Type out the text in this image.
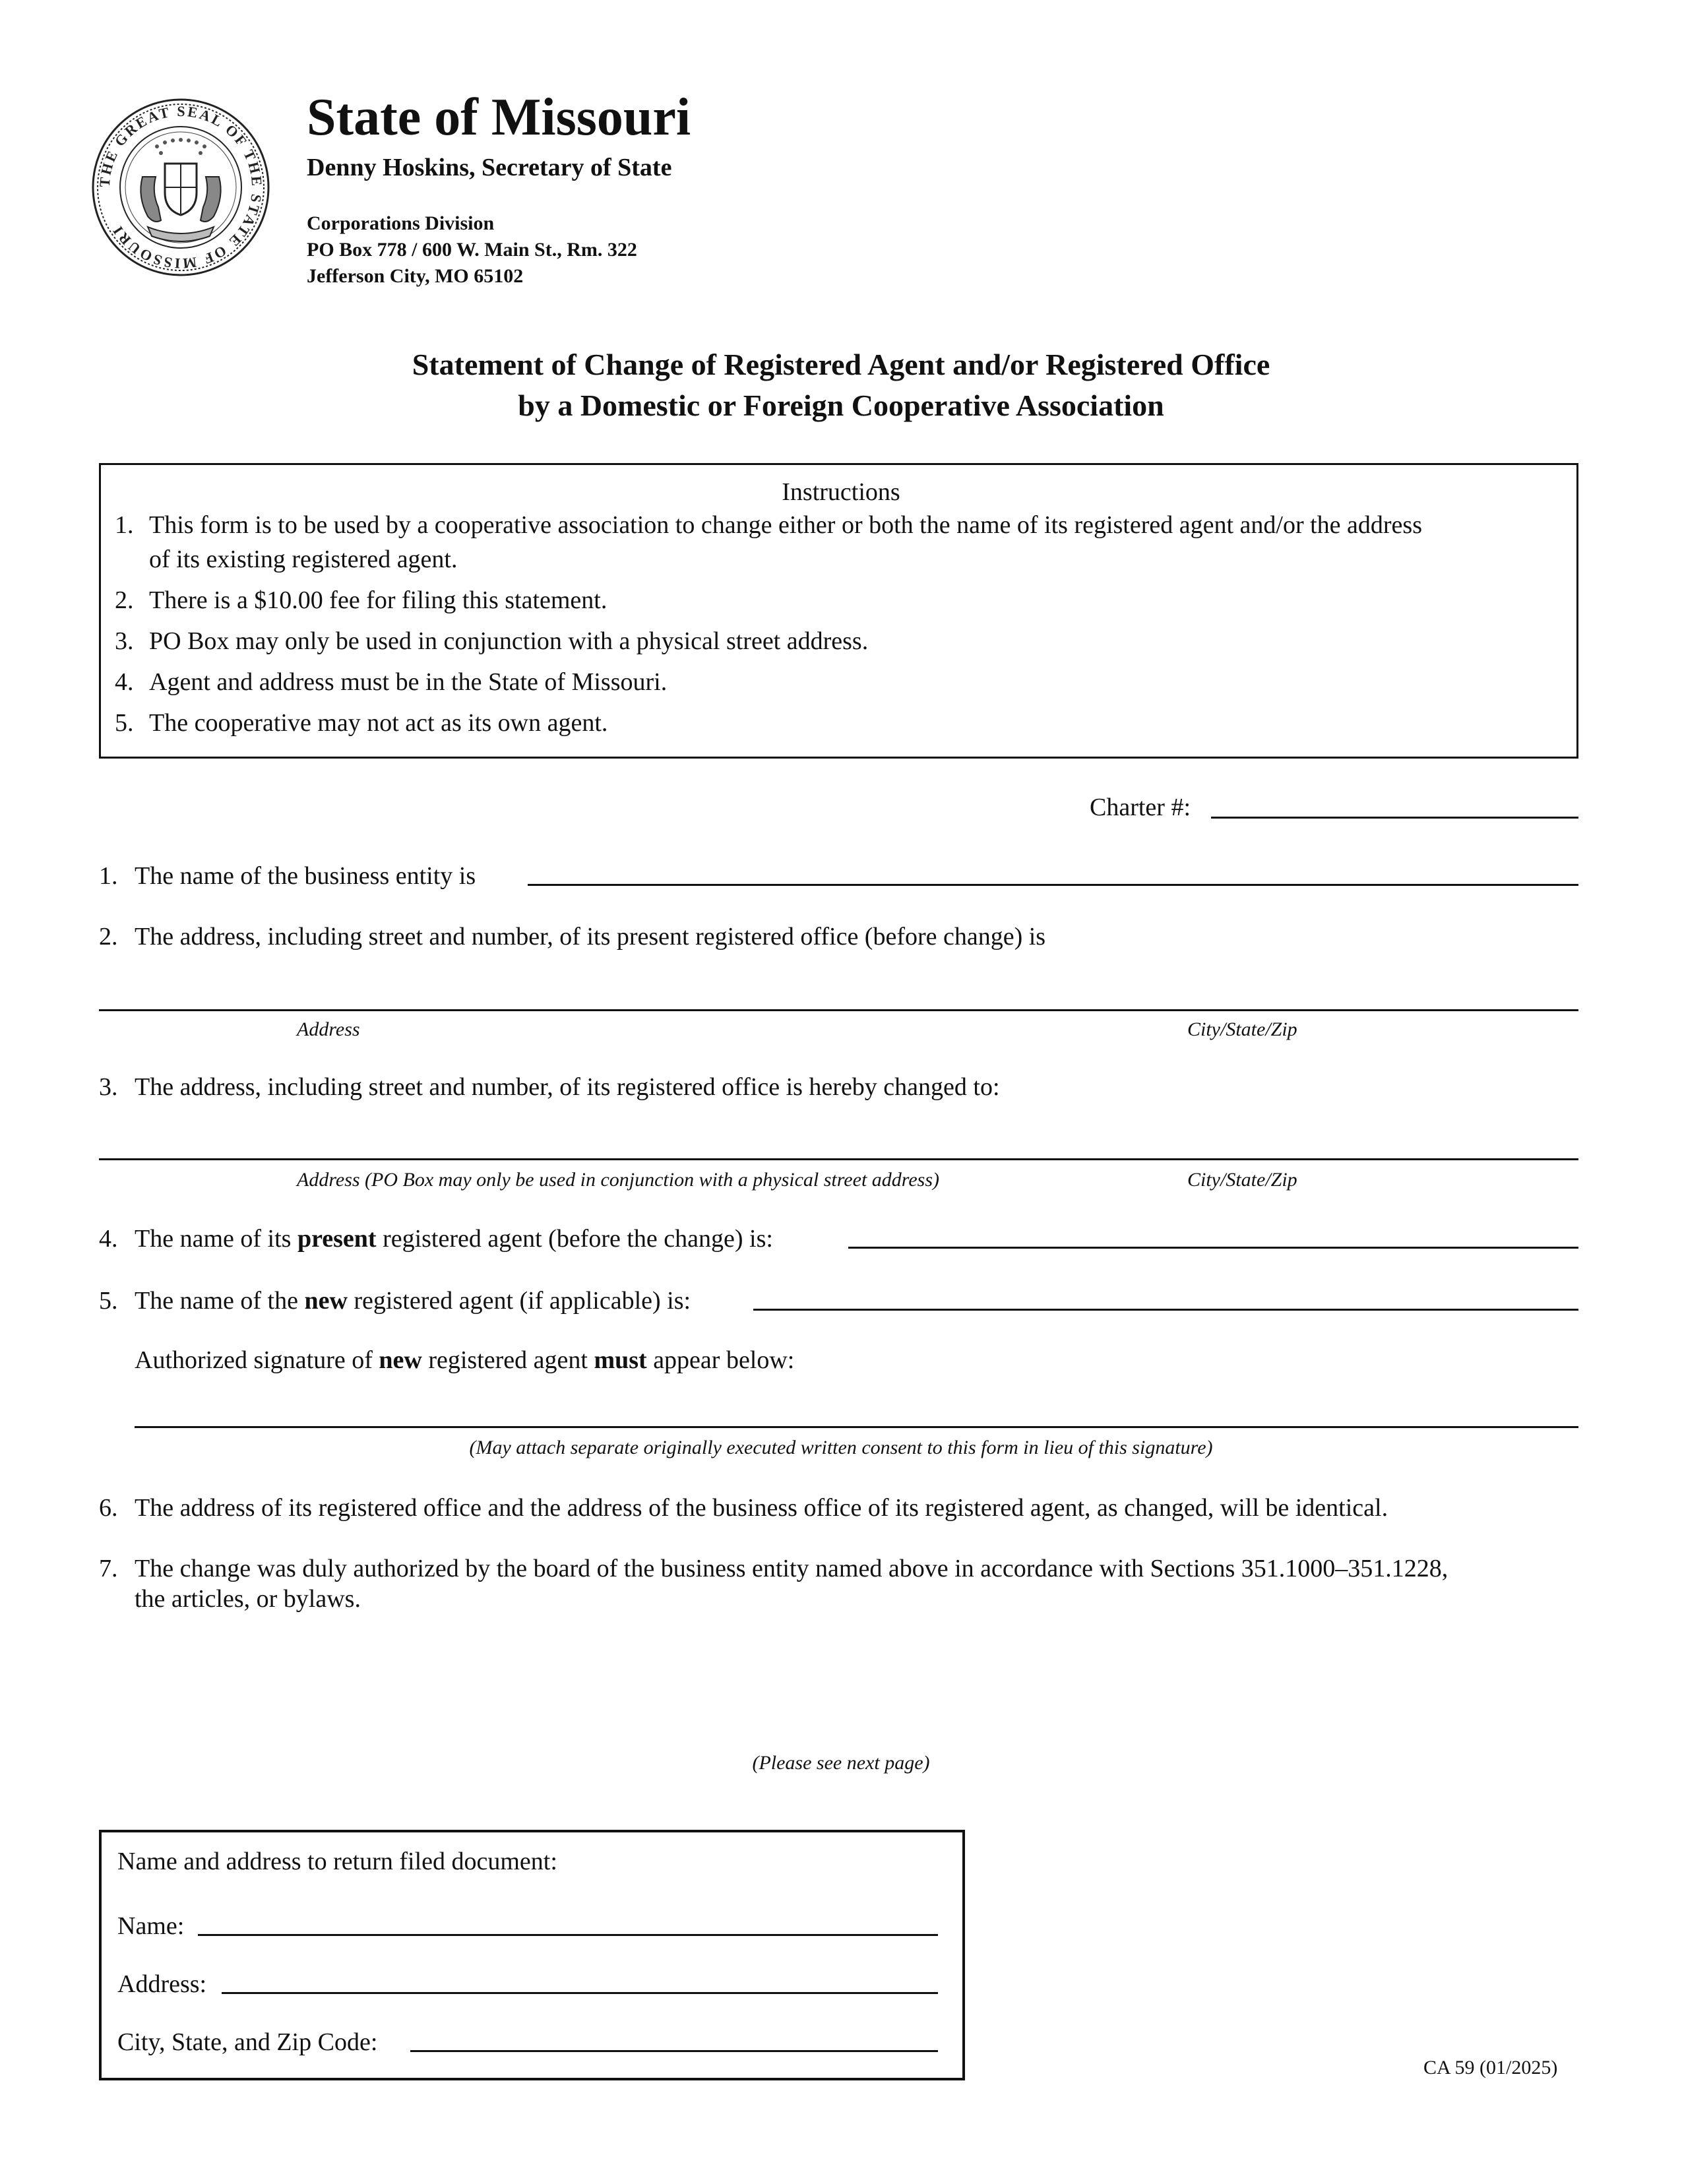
THE GREAT SEAL OF THE STATE OF MISSOURI
State of Missouri
Denny Hoskins, Secretary of State
Corporations Division
PO Box 778 / 600 W. Main St., Rm. 322
Jefferson City, MO 65102
Statement of Change of Registered Agent and/or Registered Office
by a Domestic or Foreign Cooperative Association
Instructions
1. This form is to be used by a cooperative association to change either or both the name of its registered agent and/or the address
of its existing registered agent.
2. There is a $10.00 fee for filing this statement.
3. PO Box may only be used in conjunction with a physical street address.
4. Agent and address must be in the State of Missouri.
5. The cooperative may not act as its own agent.
Charter #:
1. The name of the business entity is
2. The address, including street and number, of its present registered office (before change) is
Address	City/State/Zip
3. The address, including street and number, of its registered office is hereby changed to:
Address (PO Box may only be used in conjunction with a physical street address)	City/State/Zip
4. The name of its present registered agent (before the change) is:
5. The name of the new registered agent (if applicable) is:
Authorized signature of new registered agent must appear below:
(May attach separate originally executed written consent to this form in lieu of this signature)
6. The address of its registered office and the address of the business office of its registered agent, as changed, will be identical.
7. The change was duly authorized by the board of the business entity named above in accordance with Sections 351.1000–351.1228,
the articles, or bylaws.
(Please see next page)
Name and address to return filed document:
Name:
Address:
City, State, and Zip Code:
CA 59 (01/2025)
